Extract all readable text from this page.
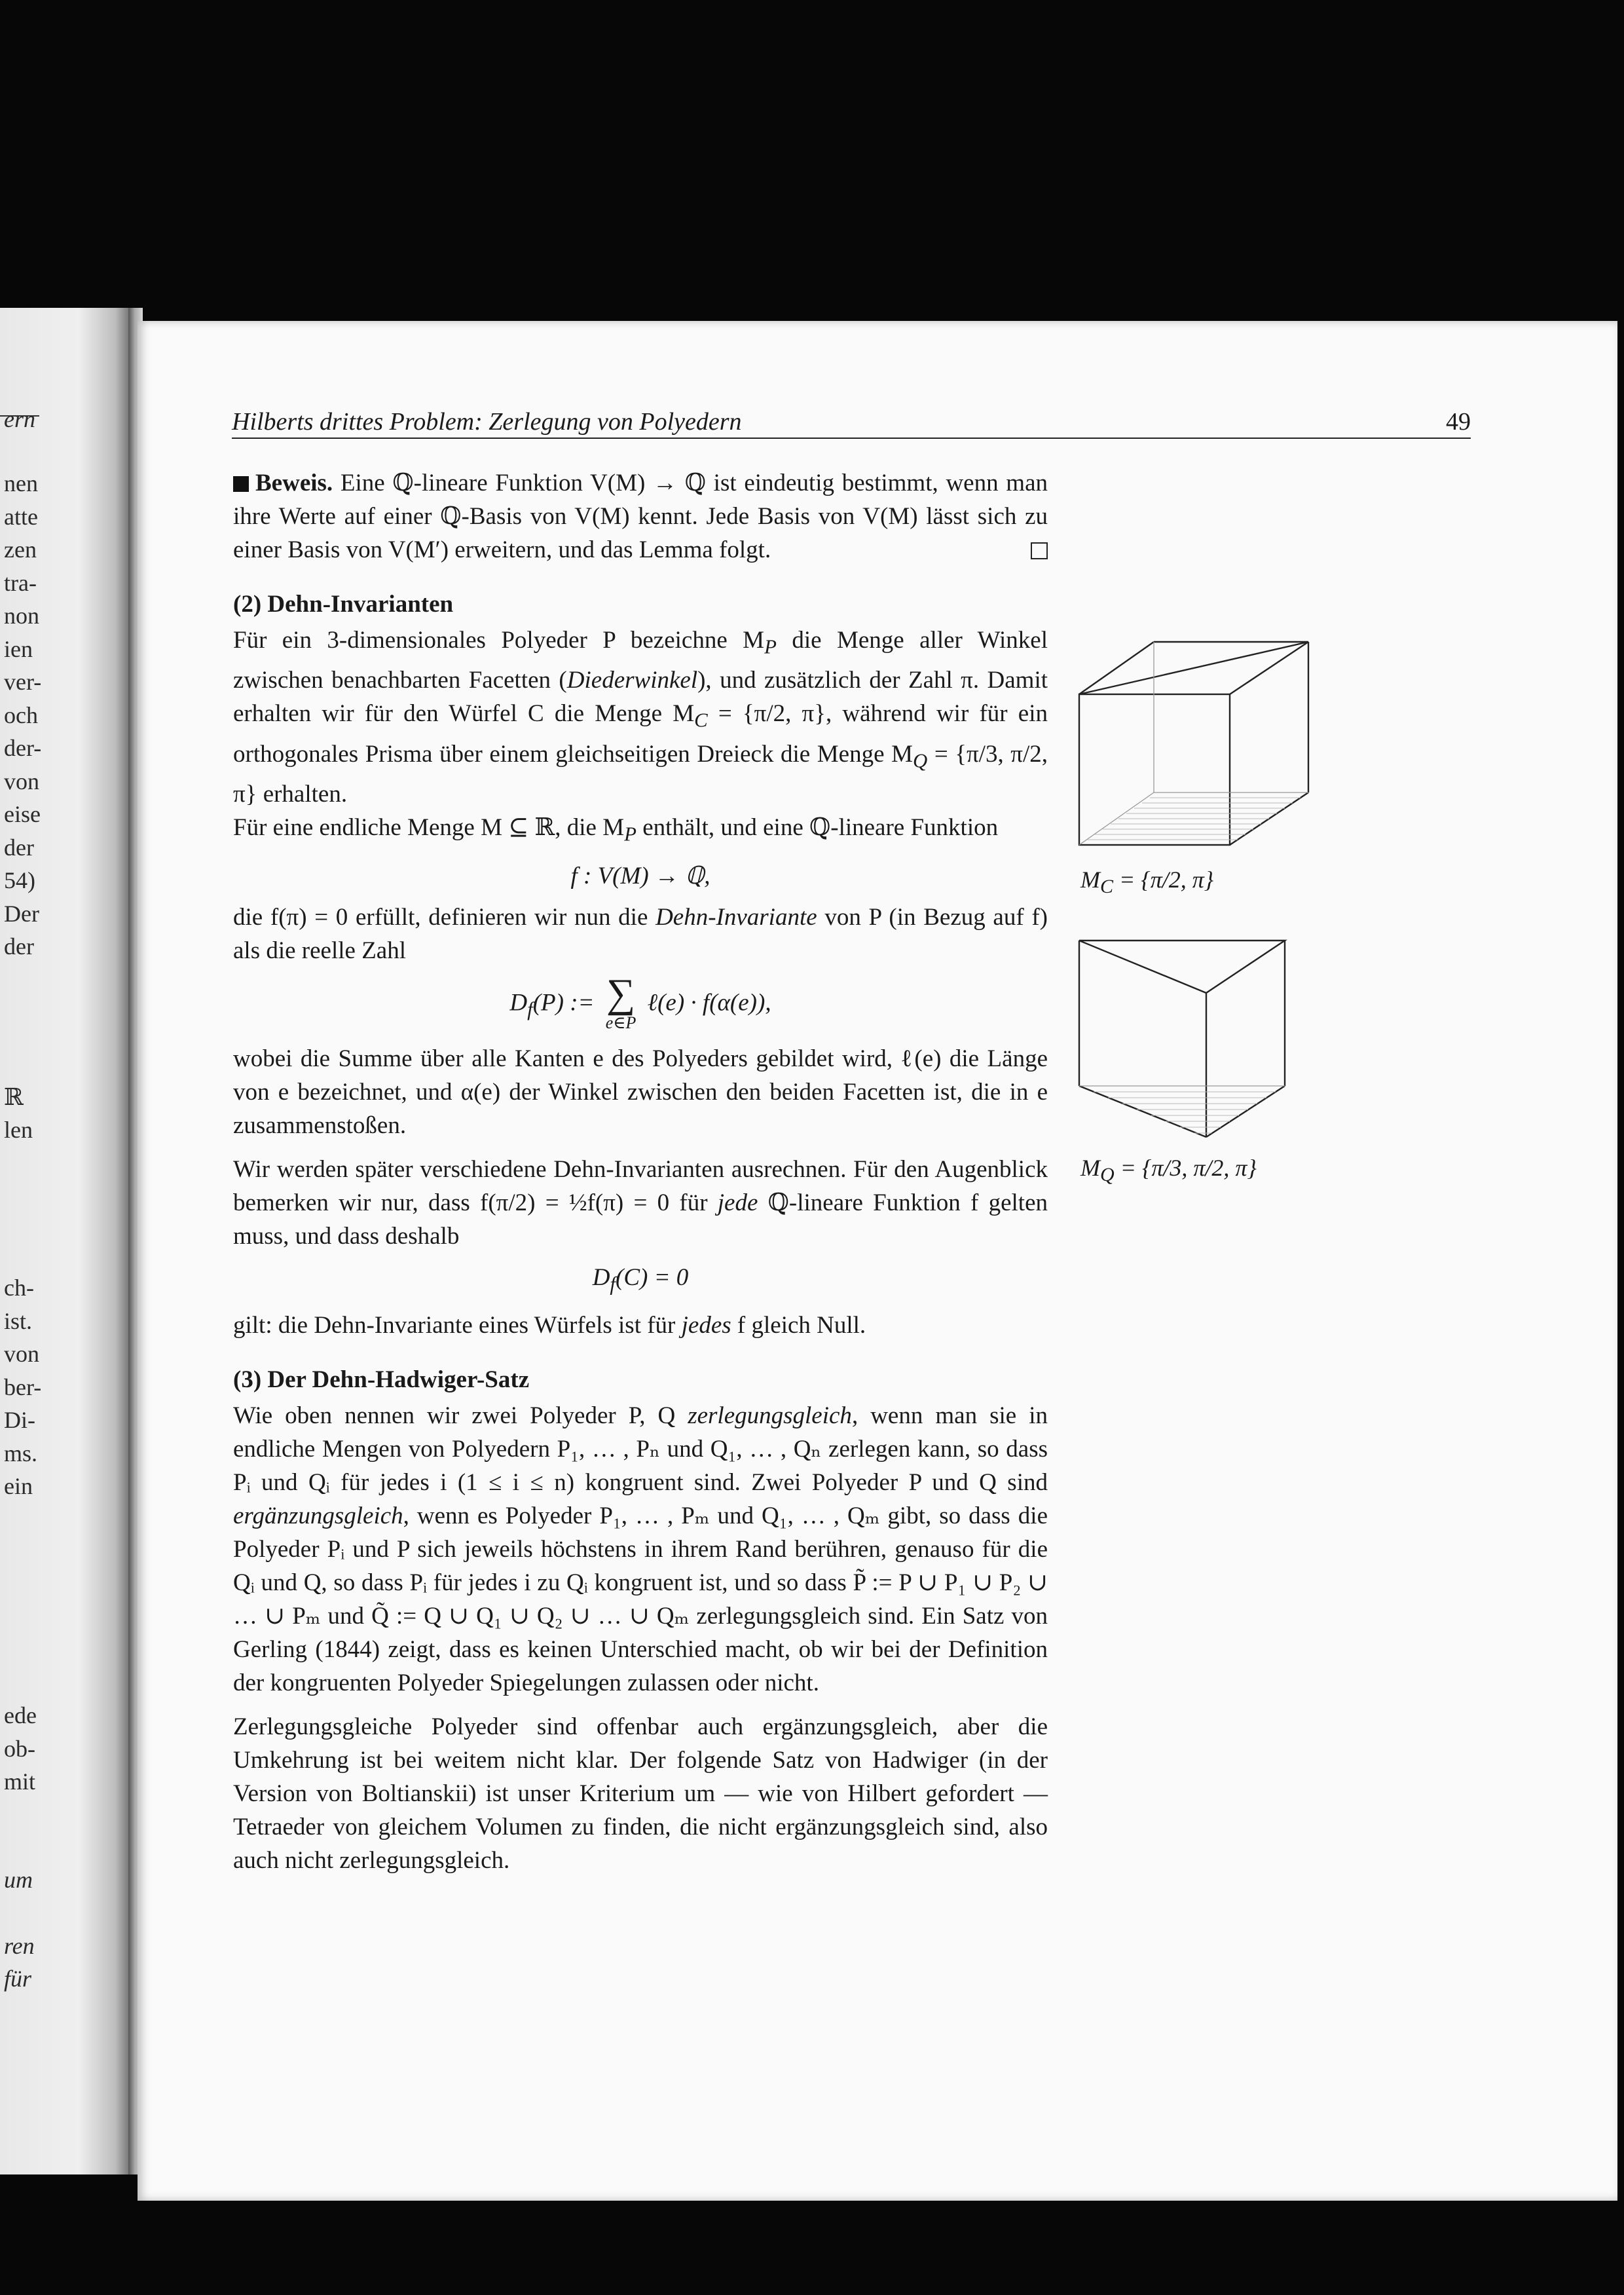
ern
nen
atte
zen
tra-
non
ien
ver-
och
der-
von
eise
der
54)
Der
der
ℝ
len
ch-
ist.
von
ber-
Di-
ms.
ein
ede
ob-
mit
um
ren
für
Hilberts drittes Problem: Zerlegung von Polyedern	49

Beweis. Eine ℚ-lineare Funktion V(M) → ℚ ist eindeutig bestimmt, wenn man ihre Werte auf einer ℚ-Basis von V(M) kennt. Jede Basis von V(M) lässt sich zu einer Basis von V(M′) erweitern, und das Lemma folgt.

(2) Dehn-Invarianten

Für ein 3-dimensionales Polyeder P bezeichne $M_P$ die Menge aller Winkel zwischen benachbarten Facetten (Diederwinkel), und zusätzlich der Zahl π. Damit erhalten wir für den Würfel C die Menge $M_C = \{\pi/2$, π}, während wir für ein orthogonales Prisma über einem gleichseitigen Dreieck die Menge $M_Q = \{\pi/3$, π/2, π} erhalten.

Für eine endliche Menge M ⊆ ℝ, die $M_P$ enthält, und eine ℚ-lineare Funktion

f : V(M) → ℚ,

die f(π) = 0 erfüllt, definieren wir nun die Dehn-Invariante von P (in Bezug auf f) als die reelle Zahl

$D_f(P)$ := ∑
e∈P
ℓ(e) · f(α(e)),

wobei die Summe über alle Kanten e des Polyeders gebildet wird, ℓ(e) die Länge von e bezeichnet, und α(e) der Winkel zwischen den beiden Facetten ist, die in e zusammenstoßen.

Wir werden später verschiedene Dehn-Invarianten ausrechnen. Für den Augenblick bemerken wir nur, dass f(π/2) = ½f(π) = 0 für jede ℚ-lineare Funktion f gelten muss, und dass deshalb

$D_f(C) = 0$

gilt: die Dehn-Invariante eines Würfels ist für jedes f gleich Null.

(3) Der Dehn-Hadwiger-Satz

Wie oben nennen wir zwei Polyeder P, Q zerlegungsgleich, wenn man sie in endliche Mengen von Polyedern P₁, … , Pₙ und Q₁, … , Qₙ zerlegen kann, so dass Pᵢ und Qᵢ für jedes i (1 ≤ i ≤ n) kongruent sind. Zwei Polyeder P und Q sind ergänzungsgleich, wenn es Polyeder P₁, … , Pₘ und Q₁, … , Qₘ gibt, so dass die Polyeder Pᵢ und P sich jeweils höchstens in ihrem Rand berühren, genauso für die Qᵢ und Q, so dass Pᵢ für jedes i zu Qᵢ kongruent ist, und so dass P̃ := P ∪ P₁ ∪ P₂ ∪ … ∪ Pₘ und Q̃ := Q ∪ Q₁ ∪ Q₂ ∪ … ∪ Qₘ zerlegungsgleich sind. Ein Satz von Gerling (1844) zeigt, dass es keinen Unterschied macht, ob wir bei der Definition der kongruenten Polyeder Spiegelungen zulassen oder nicht.

Zerlegungsgleiche Polyeder sind offenbar auch ergänzungsgleich, aber die Umkehrung ist bei weitem nicht klar. Der folgende Satz von Hadwiger (in der Version von Boltianskii) ist unser Kriterium um — wie von Hilbert gefordert — Tetraeder von gleichem Volumen zu finden, die nicht ergänzungsgleich sind, also auch nicht zerlegungsgleich.

$M_C = \{\pi/2$, π}
$M_Q = \{\pi/3$, π/2, π}
